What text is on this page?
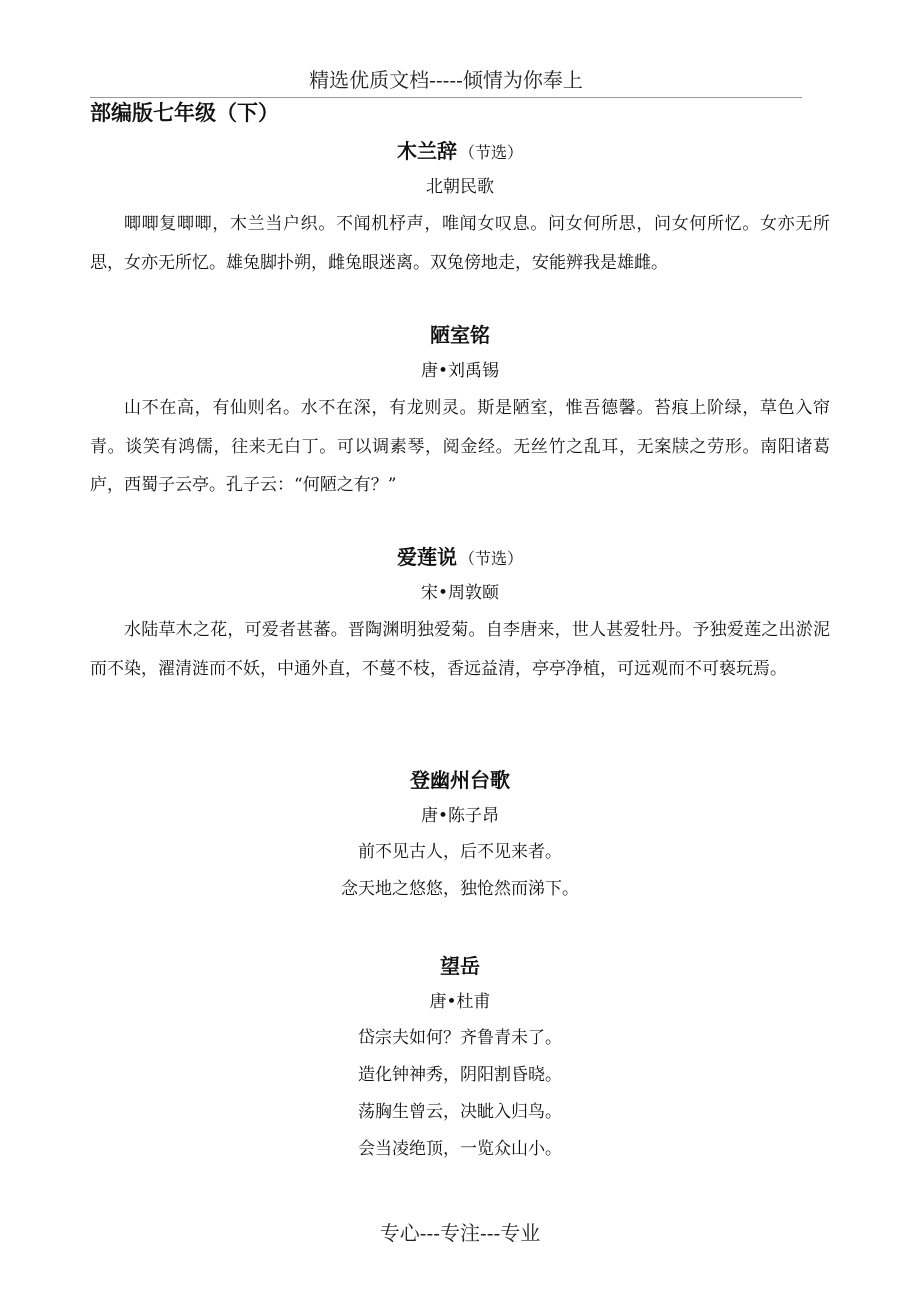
精选优质文档-----倾情为你奉上
部编版七年级（下）
木兰辞 （节选）
北朝民歌

唧唧复唧唧，木兰当户织。不闻机杼声，唯闻女叹息。问女何所思，问女何所忆。女亦无所思，女亦无所忆。雄兔脚扑朔，雌兔眼迷离。双兔傍地走，安能辨我是雄雌。

陋室铭
唐•刘禹锡

山不在高，有仙则名。水不在深，有龙则灵。斯是陋室，惟吾德馨。苔痕上阶绿，草色入帘青。谈笑有鸿儒，往来无白丁。可以调素琴，阅金经。无丝竹之乱耳，无案牍之劳形。南阳诸葛庐，西蜀子云亭。孔子云：“何陋之有？”

爱莲说 （节选）
宋•周敦颐

水陆草木之花，可爱者甚蕃。晋陶渊明独爱菊。自李唐来，世人甚爱牡丹。予独爱莲之出淤泥而不染，濯清涟而不妖，中通外直，不蔓不枝，香远益清，亭亭净植，可远观而不可亵玩焉。

登幽州台歌
唐•陈子昂
前不见古人，后不见来者。
念天地之悠悠，独怆然而涕下。
望岳
唐•杜甫
岱宗夫如何？齐鲁青未了。
造化钟神秀，阴阳割昏晓。
荡胸生曾云，决眦入归鸟。
会当凌绝顶，一览众山小。
专心---专注---专业
